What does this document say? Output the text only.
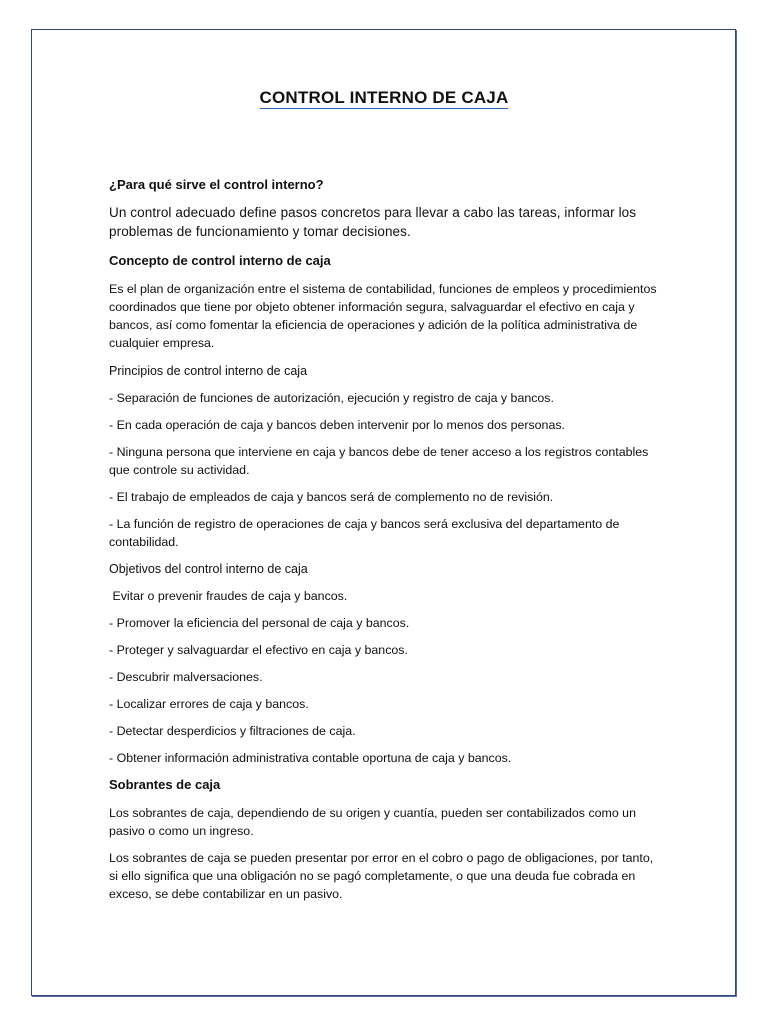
CONTROL INTERNO DE CAJA

¿Para qué sirve el control interno?

Un control adecuado define pasos concretos para llevar a cabo las tareas, informar los problemas de funcionamiento y tomar decisiones.

Concepto de control interno de caja

Es el plan de organización entre el sistema de contabilidad, funciones de empleos y procedimientos coordinados que tiene por objeto obtener información segura, salvaguardar el efectivo en caja y bancos, así como fomentar la eficiencia de operaciones y adición de la política administrativa de cualquier empresa.

Principios de control interno de caja

- Separación de funciones de autorización, ejecución y registro de caja y bancos.

- En cada operación de caja y bancos deben intervenir por lo menos dos personas.

- Ninguna persona que interviene en caja y bancos debe de tener acceso a los registros contables que controle su actividad.

- El trabajo de empleados de caja y bancos será de complemento no de revisión.

- La función de registro de operaciones de caja y bancos será exclusiva del departamento de contabilidad.

Objetivos del control interno de caja

Evitar o prevenir fraudes de caja y bancos.

- Promover la eficiencia del personal de caja y bancos.

- Proteger y salvaguardar el efectivo en caja y bancos.

- Descubrir malversaciones.

- Localizar errores de caja y bancos.

- Detectar desperdicios y filtraciones de caja.

- Obtener información administrativa contable oportuna de caja y bancos.

Sobrantes de caja

Los sobrantes de caja, dependiendo de su origen y cuantía, pueden ser contabilizados como un pasivo o como un ingreso.

Los sobrantes de caja se pueden presentar por error en el cobro o pago de obligaciones, por tanto, si ello significa que una obligación no se pagó completamente, o que una deuda fue cobrada en exceso, se debe contabilizar en un pasivo.
